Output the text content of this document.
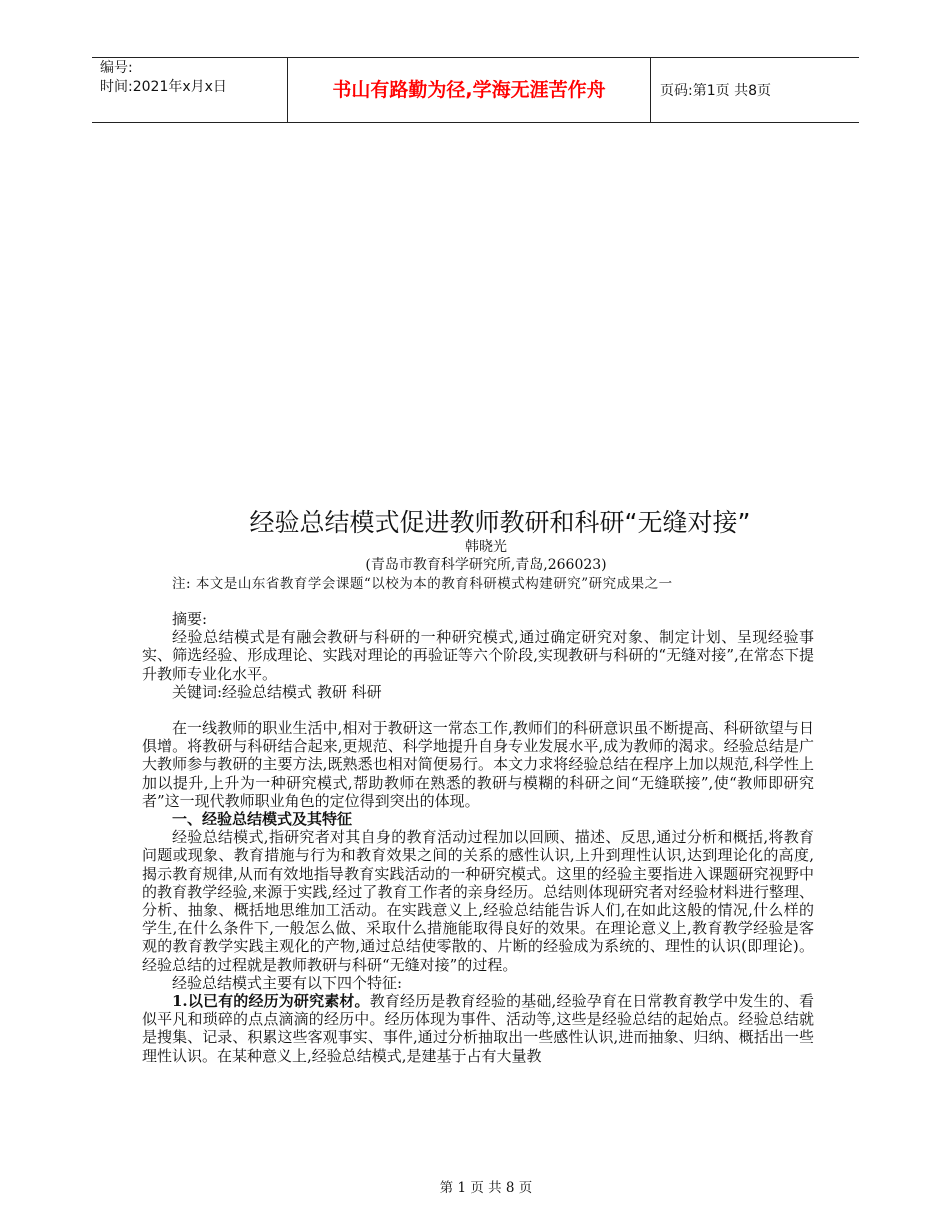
编号:
时间:2021年x月x日	书山有路勤为径,学海无涯苦作舟	页码:第1页 共8页
经验总结模式促进教师教研和科研“无缝对接”
韩晓光
(青岛市教育科学研究所,青岛,266023)
注: 本文是山东省教育学会课题“以校为本的教育科研模式构建研究”研究成果之一

摘要:

经验总结模式是有融会教研与科研的一种研究模式,通过确定研究对象、制定计划、呈现经验事实、筛选经验、形成理论、实践对理论的再验证等六个阶段,实现教研与科研的“无缝对接”,在常态下提升教师专业化水平。

关键词:经验总结模式 教研 科研

在一线教师的职业生活中,相对于教研这一常态工作,教师们的科研意识虽不断提高、科研欲望与日俱增。将教研与科研结合起来,更规范、科学地提升自身专业发展水平,成为教师的渴求。经验总结是广大教师参与教研的主要方法,既熟悉也相对简便易行。本文力求将经验总结在程序上加以规范,科学性上加以提升,上升为一种研究模式,帮助教师在熟悉的教研与模糊的科研之间“无缝联接”,使“教师即研究者”这一现代教师职业角色的定位得到突出的体现。

一、经验总结模式及其特征

经验总结模式,指研究者对其自身的教育活动过程加以回顾、描述、反思,通过分析和概括,将教育问题或现象、教育措施与行为和教育效果之间的关系的感性认识,上升到理性认识,达到理论化的高度,揭示教育规律,从而有效地指导教育实践活动的一种研究模式。这里的经验主要指进入课题研究视野中的教育教学经验,来源于实践,经过了教育工作者的亲身经历。总结则体现研究者对经验材料进行整理、分析、抽象、概括地思维加工活动。在实践意义上,经验总结能告诉人们,在如此这般的情况,什么样的学生,在什么条件下,一般怎么做、采取什么措施能取得良好的效果。在理论意义上,教育教学经验是客观的教育教学实践主观化的产物,通过总结使零散的、片断的经验成为系统的、理性的认识(即理论)。经验总结的过程就是教师教研与科研“无缝对接”的过程。

经验总结模式主要有以下四个特征:

1.以已有的经历为研究素材。教育经历是教育经验的基础,经验孕育在日常教育教学中发生的、看似平凡和琐碎的点点滴滴的经历中。经历体现为事件、活动等,这些是经验总结的起始点。经验总结就是搜集、记录、积累这些客观事实、事件,通过分析抽取出一些感性认识,进而抽象、归纳、概括出一些理性认识。在某种意义上,经验总结模式,是建基于占有大量教

第 1 页 共 8 页
